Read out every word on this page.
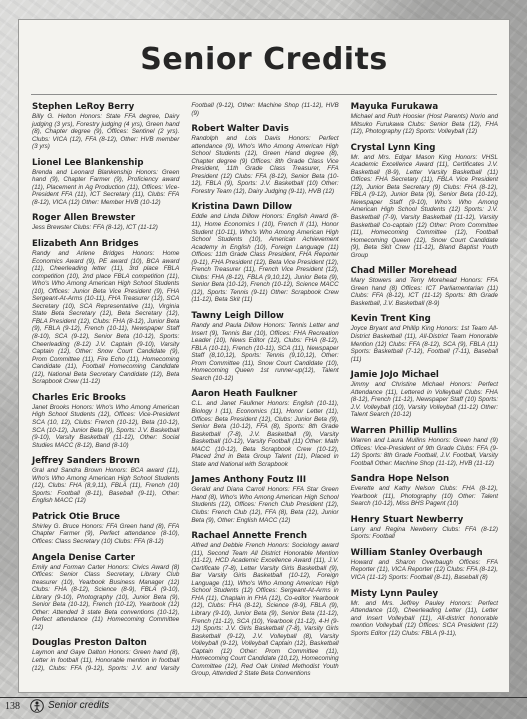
Senior Credits

Stephen LeRoy Berry

Billy G. Helton Honors: State FFA degree, Dairy judging (3 yrs), Forestry judging (4 yrs), Green hand (8), Chapter degree (9), Offices: Sentinel (2 yrs). Clubs: VICA (12), FFA (8-12), Other: HVB member (3 yrs)

Lionel Lee Blankenship

Brenda and Leonard Blankenship Honors: Green hand (9), Chapter Farmer (9), Proficiency award (11), Placement in Ag Production (11), Offices: Vice-President FFA (11), ICT Secretary (11), Clubs: FFA (8-12), VICA (12) Other: Member HVB (10-12)

Roger Allen Brewster

Jess Brewster Clubs: FFA (8-12), ICT (11-12)

Elizabeth Ann Bridges

Randy and Arlene Bridges Honors: Home Economics Award (9), PE award (10), BCA award (11), Cheerleading letter (11), 3rd place FBLA competition (10), 2nd place FBLA competition (11), Who's Who Among American High School Students (10), Offices: Junior Beta Vice President (9), FHA Sergeant-At-Arms (10-11), FHA Treasurer (12), SCA Secretary (10), SCA Representative (11), Virginia State Beta Secretary (12), Beta Secretary (12), FBLA President (12), Clubs: FHA (8-12), Junior Beta (9), FBLA (9-12), French (10-11), Newspaper Staff (8-10), SCA (9-12), Senior Beta (10-12), Sports: Cheerleading (8-12) J.V. Captain (9-10), Varsity Captain (12), Other: Snow Court Candidate (9), Prom Committee (11), Fire Echo (11), Homecoming Candidate (11), Football Homecoming Candidate (12), National Beta Secretary Candidate (12), Beta Scrapbook Crew (11-12)

Charles Eric Brooks

Janet Brooks Honors: Who's Who Among American High School Students (12), Offices: Vice-President SCA (10, 12), Clubs: French (10-12), Beta (10-12), SCA (10-12), Junior Beta (9), Sports: J.V. Basketball (9-10), Varsity Basketball (11-12), Other: Social Studies MACC (8-12), Band (8-10)

Jeffrey Sanders Brown

Gral and Sandra Brown Honors: BCA award (11), Who's Who Among American High School Students (12), Clubs: FHA (8,9,11), FBLA (11), French (10) Sports: Football (8-11), Baseball (9-11), Other: English MACC (12)

Patrick Otie Bruce

Shirley G. Bruce Honors: FFA Green hand (8), FFA Chapter Farmer (9), Perfect attendance (8-10), Offices: Class Secretary (10) Clubs: FFA (8-12)

Angela Denise Carter

Emily and Forman Carter Honors: Civics Award (8) Offices: Senior Class Secretary, Library Club treasurer (10), Yearbook Business Manager (12) Clubs: FHA (8-12), Science (8-9), FBLA (9-10), Library (9-10), Photography (10), Junior Beta (9), Senior Beta (10-12), French (10-12), Yearbook (12) Other: Attended 3 state Beta conventions (10-12), Perfect attendance (11) Homecoming Committee (12)

Douglas Preston Dalton

Laymon and Gaye Dalton Honors: Green hand (8), Letter in football (11), Honorable mention in football (12), Clubs: FFA (9-12), Sports: J.V. and Varsity Football (9-12), Other: Machine Shop (11-12), HVB (9)

Robert Walter Davis

Randolph and Lois Davis Honors: Perfect attendance (9), Who's Who Among American High School Students (12), Green Hand degree (8), Chapter degree (9) Offices: 8th Grade Class Vice President, 11th Grade Class Treasurer, FFA President (12) Clubs: FFA (8-12), Senior Beta (10-12), FBLA (9), Sports: J.V. Basketball (10) Other: Forestry Team (12), Dairy Judging (9-11), HVB (12)

Kristina Dawn Dillow

Eddie and Linda Dillow Honors: English Award (8-11), Home Economics I (10), French II (11), Honor Student (10-11), Who's Who Among American High School Students (10), American Achievement Academy in English (10), Foreign Language (11) Offices: 11th Grade Class President, FHA Reporter (9-11), FHA President (12), Beta Vice President (12), French Treasurer (11), French Vice President (12), Clubs: FHA (8-12), FBLA (9,10,12), Junior Beta (9), Senior Beta (10-12), French (10-12), Science MACC (12), Sports: Tennis (9-11) Other: Scrapbook Crew (11-12), Beta Skit (11)

Tawny Leigh Dillow

Randy and Paula Dillow Honors: Tennis Letter and Insert (9), Tennis Bar (10), Offices: FHA Recreation Leader (10), News Editor (12), Clubs: FHA (8-12), FBLA (10-11), French (10-11), SCA (11), Newspaper Staff (8,10,12), Sports: Tennis (9,10,12), Other: Prom Committee (11), Snow Court Candidate (10), Homecoming Queen 1st runner-up(12), Talent Search (10-12)

Aaron Heath Faulkner

C.L. and Janet Faulkner Honors: English (10-11), Biology I (11), Economics (11), Honor Letter (11), Offices: Beta President (12), Clubs: Junior Beta (9), Senior Beta (10-12), FFA (8), Sports: 8th Grade Basketball (7-8), J.V. Basketball (9), Varsity Basketball (10-12), Varsity Football (11) Other: Math MACC (10-12), Beta Scrapbook Crew (10-12), Placed 2nd in Beta Group Talent (11), Placed in State and National with Scrapbook

James Anthony Foutz III

Gerald and Diana Carroll Honors: FFA Star Green Hand (8), Who's Who Among American High School Students (12), Offices: French Club President (12), Clubs: French Club (12), FFA (8), Beta (12), Junior Beta (9), Other: English MACC (12)

Rachael Annette French

Alfred and Debbie French Honors: Sociology award (11), Second Team All District Honorable Mention (11-12), HCD Academic Excellence Award (11), J.V. Certificate (7-8), Letter Varsity Girls Basketball (9), Bar Varsity Girls Basketball (10-12), Foreign Language (11), Who's Who Among American High School Students (12) Offices: Sergeant-At-Arms in FHA (11), Chaplain in FHA (12), Co-editor Yearbook (12), Clubs: FHA (8-12), Science (8-9), FBLA (9), Library (9-10), Junior Beta (9), Senior Beta (11-12), French (11-12), SCA (10), Yearbook (11-12), 4-H (9-12) Sports: J.V. Girls Basketball (7-8), Varsity Girls Basketball (9-12), J.V. Volleyball (8), Varsity Volleyball (9-12), Volleyball Captain (12), Basketball Captain (12) Other: Prom Committee (11), Homecoming Court Candidate (10,12), Homecoming Committee (12), Red Oak United Methodist Youth Group, Attended 2 State Beta Conventions

Mayuka Furukawa

Michael and Ruth Hoosier (Host Parents) Norio and Mitsuko Furukawa Clubs: Senior Beta (12), FHA (12), Photography (12) Sports: Volleyball (12)

Crystal Lynn King

Mr. and Mrs. Edgar Mason King Honors: VHSL Academic Excellence Award (11), Certificates J.V. Basketball (8-9), Letter Varsity Basketball (11) Offices: FHA Secretary (11), FBLA Vice President (12), Junior Beta Secretary (9) Clubs: FHA (8-12), FBLA (9-12), Junior Beta (9), Senior Beta (10-12), Newspaper Staff (9-10), Who's Who Among American High School Students (12) Sports: J.V. Basketball (7-9), Varsity Basketball (11-12), Varsity Basketball Co-captain (12) Other: Prom Committee (11), Homecoming Committee (12), Football Homecoming Queen (12), Snow Court Candidate (9), Beta Skit Crew (11-12), Bland Baptist Youth Group

Chad Miller Morehead

Mary Stowers and Terry Morehead Honors: FFA Green hand (8) Offices: ICT Parliamentarian (11) Clubs: FFA (8-12), ICT (11-12) Sports: 8th Grade Basketball, J.V. Basketball (8-9)

Kevin Trent King

Joyce Bryant and Phillip King Honors: 1st Team All-District Basketball (11), All-District Team Honorable Mention (12) Clubs: FFA (8-12), SCA (9), FBLA (11) Sports: Basketball (7-12), Football (7-11), Baseball (11)

Jamie JoJo Michael

Jimmy and Christine Michael Honors: Perfect Attendance (11), Lettered in Volleyball Clubs: FHA (8-12), French (11-12), Newspaper Staff (10) Sports: J.V. Volleyball (10), Varsity Volleyball (11-12) Other: Talent Search (10-12)

Warren Phillip Mullins

Warren and Laura Mullins Honors: Green hand (9) Offices: Vice-President of 9th Grade Clubs: FFA (9-12) Sports: 8th Grade Football, J.V. Football, Varsity Football Other: Machine Shop (11-12), HVB (11-12)

Sandra Hope Nelson

Everette and Kathy Nelson Clubs: FHA (8-12), Yearbook (11), Photography (10) Other: Talent Search (10-12), Miss BHS Pagent (10)

Henry Stuart Newberry

Larry and Regina Newberry Clubs: FFA (8-12) Sports: Football

William Stanley Overbaugh

Howard and Sharon Overbaugh Offices: FFA Reporter (11), VICA Reporter (12) Clubs: FFA (8-12), VICA (11-12) Sports: Football (8-11), Baseball (8)

Misty Lynn Pauley

Mr. and Mrs. Jeffrey Pauley Honors: Perfect Attendance (10), Cheerleading Letter (11), Letter and Insert Volleyball (11), All-district honorable mention Volleyball (12) Offices: SCA President (12) Sports Editor (12) Clubs: FBLA (9-11),

138	Senior credits
